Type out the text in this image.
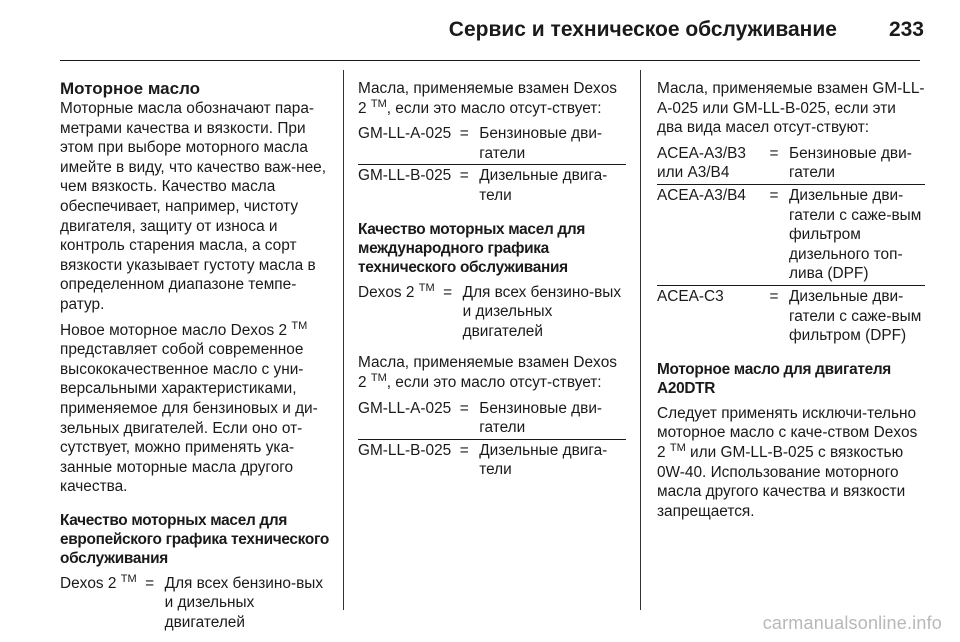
Сервис и техническое обслуживание 233

Моторное масло

Моторные масла обозначают пара-метрами качества и вязкости. При этом при выборе моторного масла имейте в виду, что качество важ-нее, чем вязкость. Качество масла обеспечивает, например, чистоту двигателя, защиту от износа и контроль старения масла, а сорт вязкости указывает густоту масла в определенном диапазоне темпе-ратур.

Новое моторное масло Dexos 2 ™ представляет собой современное высококачественное масло с уни-версальными характеристиками, применяемое для бензиновых и ди-зельных двигателей. Если оно от-сутствует, можно применять ука-занные моторные масла другого качества.

Качество моторных масел для европейского графика технического обслуживания

Dexos 2 ™	=	Для всех бензино-вых и дизельных двигателей

Масла, применяемые взамен Dexos 2 ™, если это масло отсут-ствует:

GM-LL-A-025	=	Бензиновые дви-гатели
GM-LL-B-025	=	Дизельные двига-тели

Качество моторных масел для международного графика технического обслуживания

Dexos 2 ™	=	Для всех бензино-вых и дизельных двигателей

Масла, применяемые взамен Dexos 2 ™, если это масло отсут-ствует:

GM-LL-A-025	=	Бензиновые дви-гатели
GM-LL-B-025	=	Дизельные двига-тели

Масла, применяемые взамен GM-LL-A-025 или GM-LL-B-025, если эти два вида масел отсут-ствуют:

ACEA-A3/B3 или A3/B4	=	Бензиновые дви-гатели
ACEA-A3/B4	=	Дизельные дви-гатели с саже-вым фильтром дизельного топ-лива (DPF)
ACEA-C3	=	Дизельные дви-гатели с саже-вым фильтром (DPF)

Моторное масло для двигателя A20DTR

Следует применять исключи-тельно моторное масло с каче-ством Dexos 2 ™ или GM-LL-B-025 с вязкостью 0W-40. Использование моторного масла другого качества и вязкости запрещается.

carmanualsonline.info
